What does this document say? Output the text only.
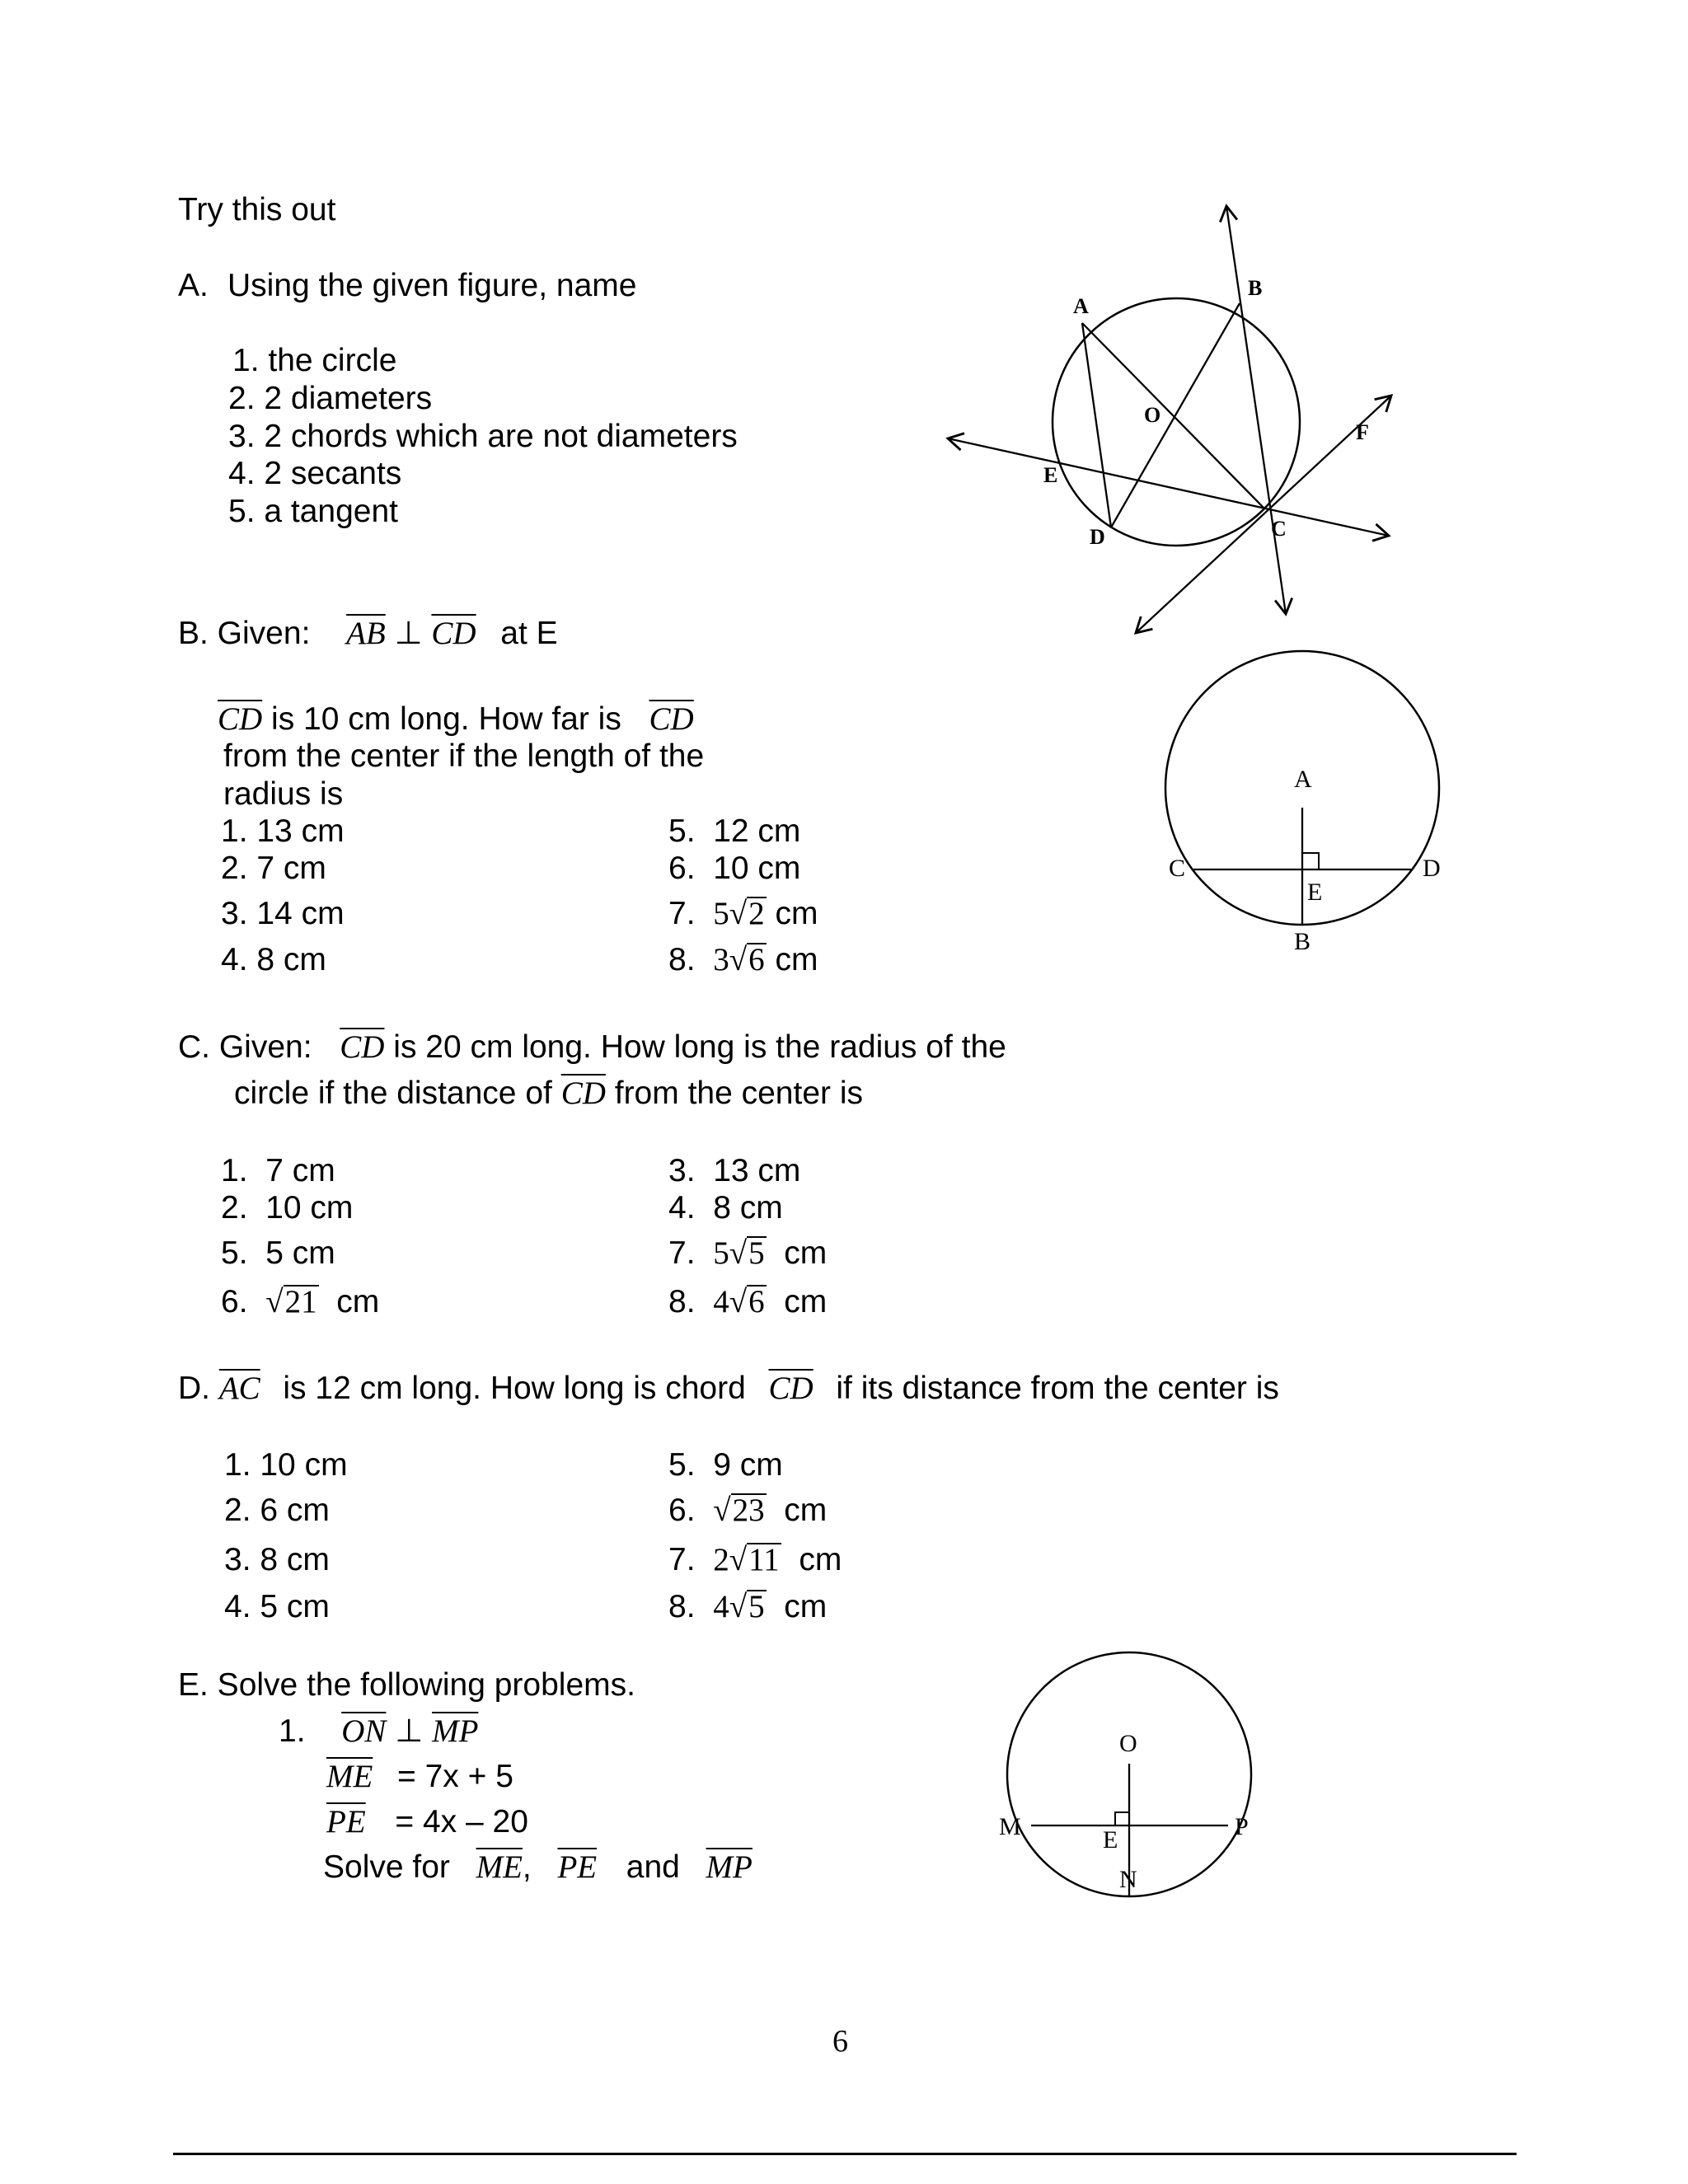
Try this out
A. Using the given figure, name
1. the circle
2. 2 diameters
3. 2 chords which are not diameters
4. 2 secants
5. a tangent
A
B
O
F
E
D	C
B. Given: $\overline{AB}$ ⊥ $\overline{CD}$ at E
$\overline{CD}$ is 10 cm long. How far is $\overline{CD}$
from the center if the length of the
radius is
1. 13 cm
2. 7 cm
3. 14 cm
4. 8 cm
5. 12 cm
6. 10 cm
7. 5√2 cm
8. 3√6 cm
A
C	D
E
B
C. Given: $\overline{CD}$ is 20 cm long. How long is the radius of the
circle if the distance of $\overline{CD}$ from the center is
1. 7 cm
2. 10 cm
5. 5 cm
6. √21 cm
3. 13 cm
4. 8 cm
7. 5√5 cm
8. 4√6 cm
D. $\overline{AC}$ is 12 cm long. How long is chord $\overline{CD}$ if its distance from the center is
1. 10 cm
2. 6 cm
3. 8 cm
4. 5 cm
5. 9 cm
6. √23 cm
7. 2√11 cm
8. 4√5 cm
E. Solve the following problems.
1. $\overline{ON}$ ⊥ $\overline{MP}$
$\overline{ME} = 7x + 5$
$\overline{PE} = 4x - 20$
Solve for $\overline{ME}$, $\overline{PE}$ and $\overline{MP}$
O
M	P
E
N
6
